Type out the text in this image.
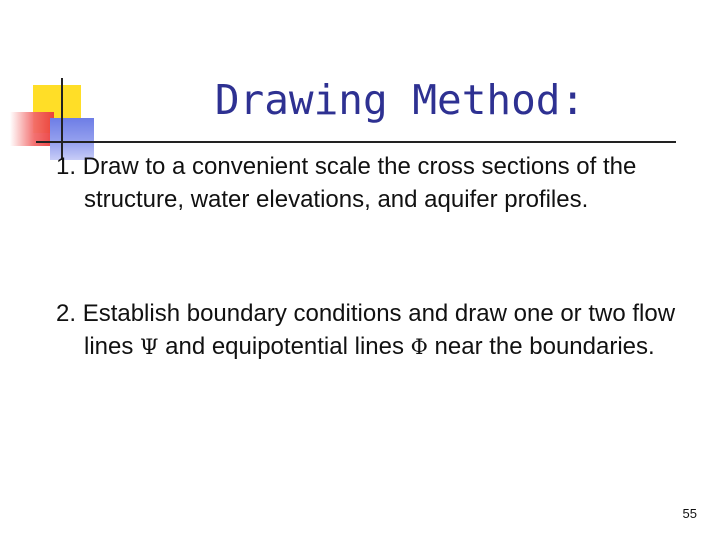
Drawing Method:

1. Draw to a convenient scale the cross sections of the structure, water elevations, and aquifer profiles.

2. Establish boundary conditions and draw one or two flow lines Ψ and equipotential lines Φ near the boundaries.

55
